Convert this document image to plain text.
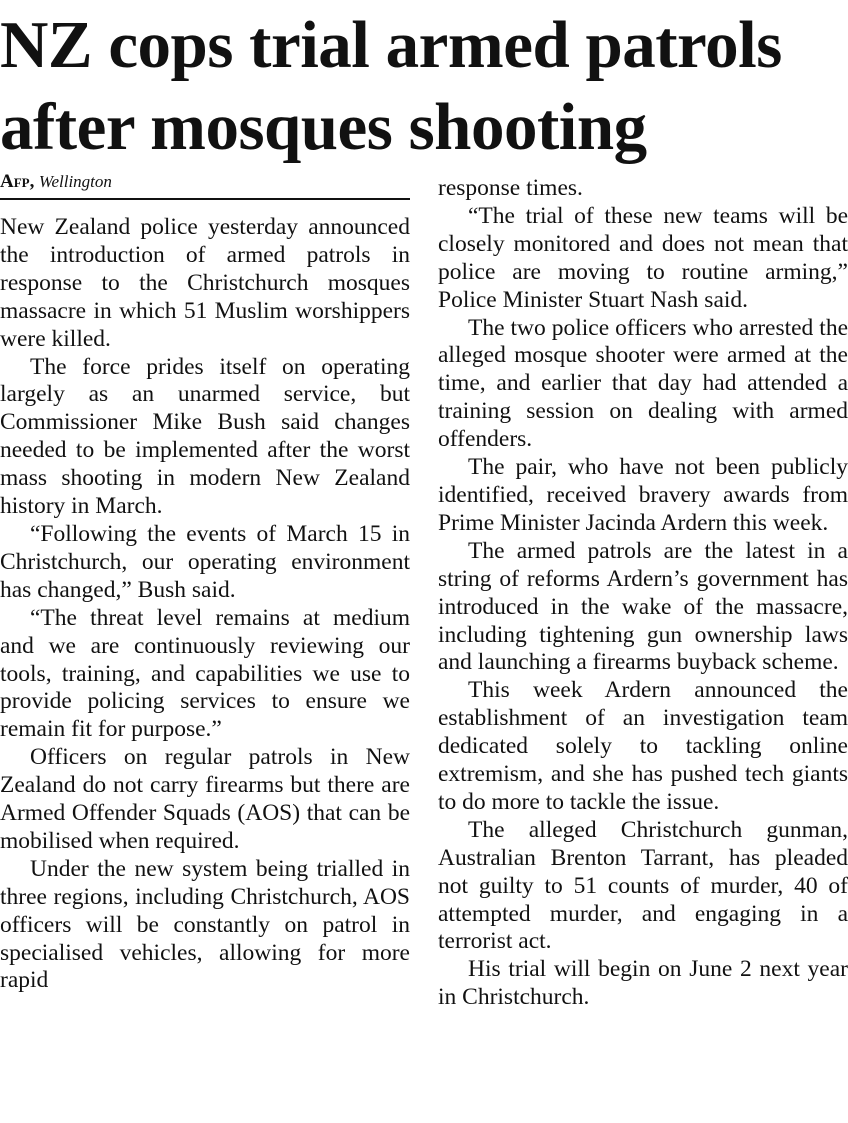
NZ cops trial armed patrols
after mosques shooting
Afp, Wellington

New Zealand police yesterday announced the introduction of armed patrols in response to the Christchurch mosques massacre in which 51 Muslim worshippers were killed.

The force prides itself on operating largely as an unarmed service, but Commissioner Mike Bush said changes needed to be implemented after the worst mass shooting in modern New Zealand history in March.

“Following the events of March 15 in Christchurch, our operating environment has changed,” Bush said.

“The threat level remains at medium and we are continuously reviewing our tools, training, and capabilities we use to provide policing services to ensure we remain fit for purpose.”

Officers on regular patrols in New Zealand do not carry firearms but there are Armed Offender Squads (AOS) that can be mobilised when required.

Under the new system being trialled in three regions, including Christchurch, AOS officers will be constantly on patrol in specialised vehicles, allowing for more rapid

response times.

“The trial of these new teams will be closely monitored and does not mean that police are moving to routine arming,” Police Minister Stuart Nash said.

The two police officers who arrested the alleged mosque shooter were armed at the time, and earlier that day had attended a training session on dealing with armed offenders.

The pair, who have not been publicly identified, received bravery awards from Prime Minister Jacinda Ardern this week.

The armed patrols are the latest in a string of reforms Ardern’s government has introduced in the wake of the massacre, including tightening gun ownership laws and launching a firearms buyback scheme.

This week Ardern announced the establishment of an investigation team dedicated solely to tackling online extremism, and she has pushed tech giants to do more to tackle the issue.

The alleged Christchurch gunman, Australian Brenton Tarrant, has pleaded not guilty to 51 counts of murder, 40 of attempted murder, and engaging in a terrorist act.

His trial will begin on June 2 next year in Christchurch.
